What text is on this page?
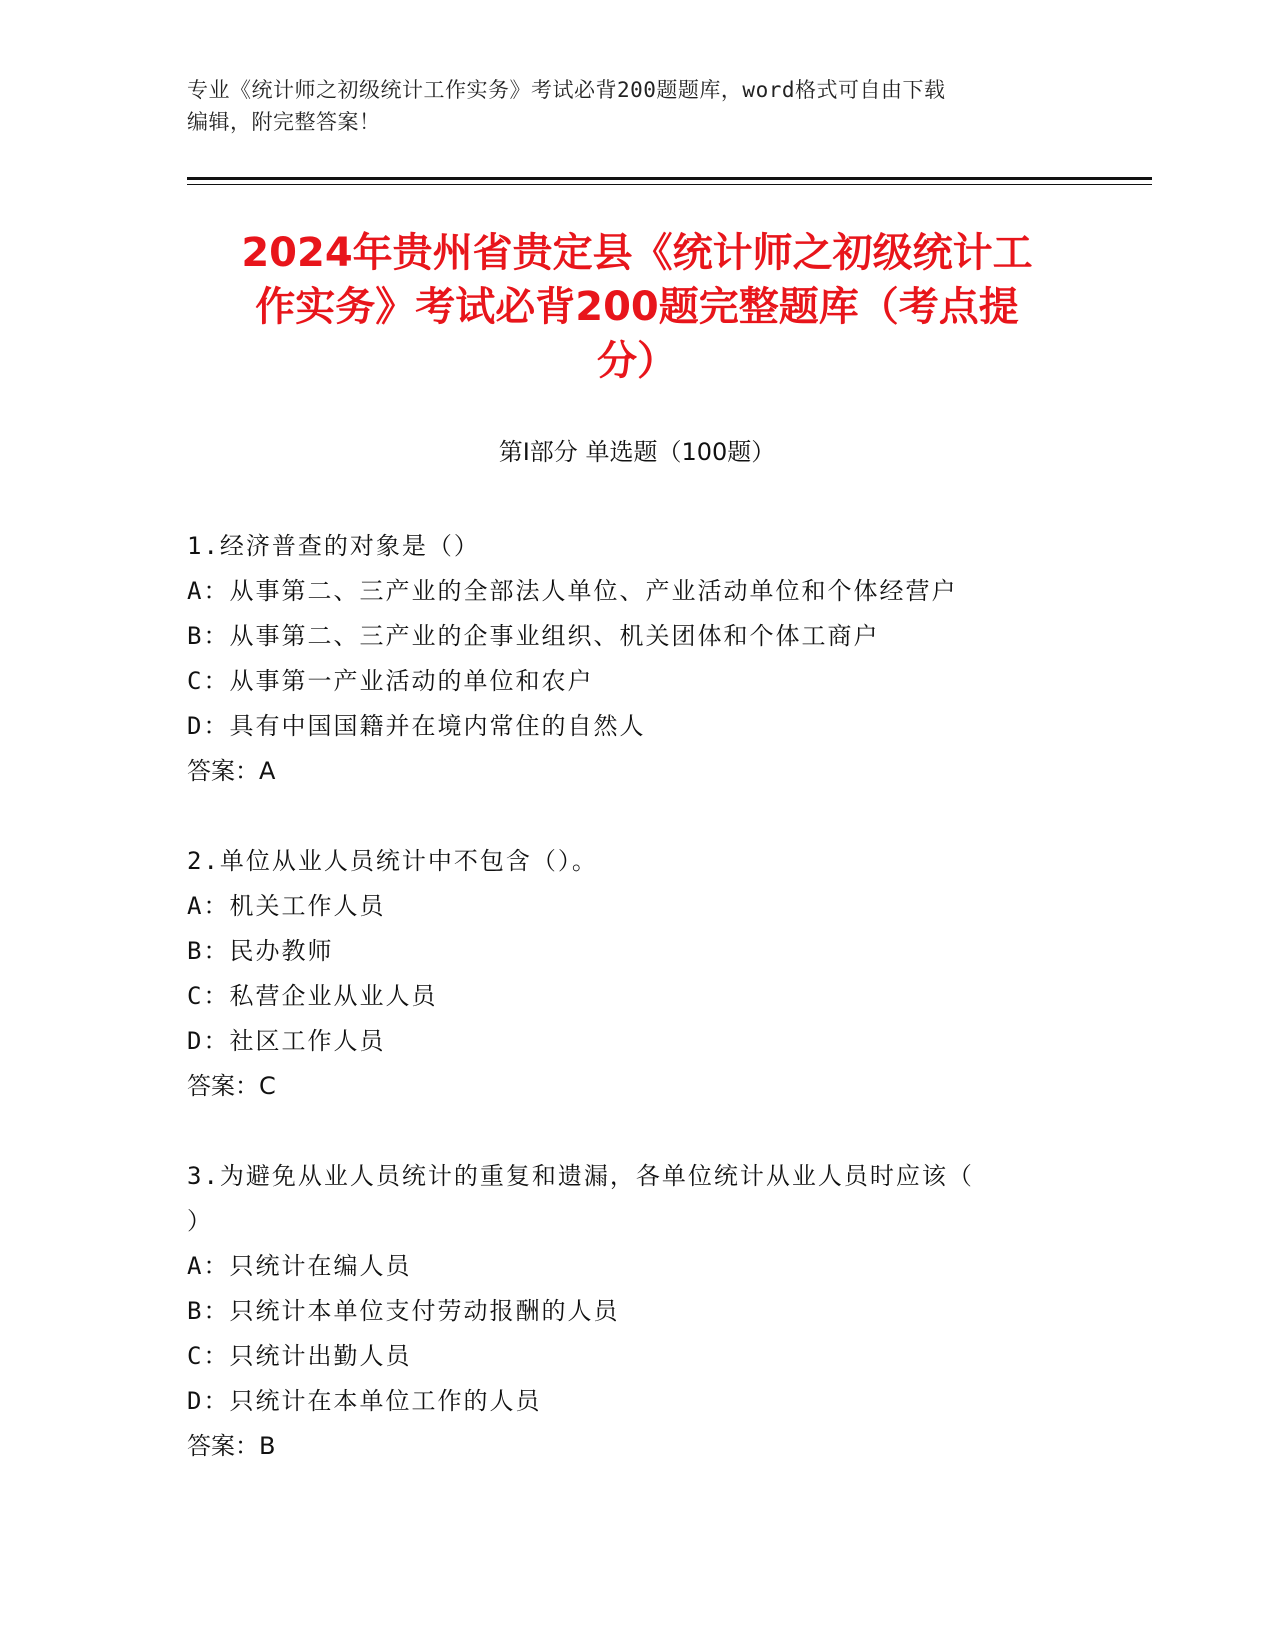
专业《统计师之初级统计工作实务》考试必背200题题库，word格式可自由下载
编辑，附完整答案！
2024年贵州省贵定县《统计师之初级统计工
作实务》考试必背200题完整题库（考点提
分）
第Ⅰ部分 单选题（100题）
1.经济普查的对象是（）
A：从事第二、三产业的全部法人单位、产业活动单位和个体经营户
B：从事第二、三产业的企事业组织、机关团体和个体工商户
C：从事第一产业活动的单位和农户
D：具有中国国籍并在境内常住的自然人
答案：A
2.单位从业人员统计中不包含（）。
A：机关工作人员
B：民办教师
C：私营企业从业人员
D：社区工作人员
答案：C
3.为避免从业人员统计的重复和遗漏，各单位统计从业人员时应该（
）
A：只统计在编人员
B：只统计本单位支付劳动报酬的人员
C：只统计出勤人员
D：只统计在本单位工作的人员
答案：B
